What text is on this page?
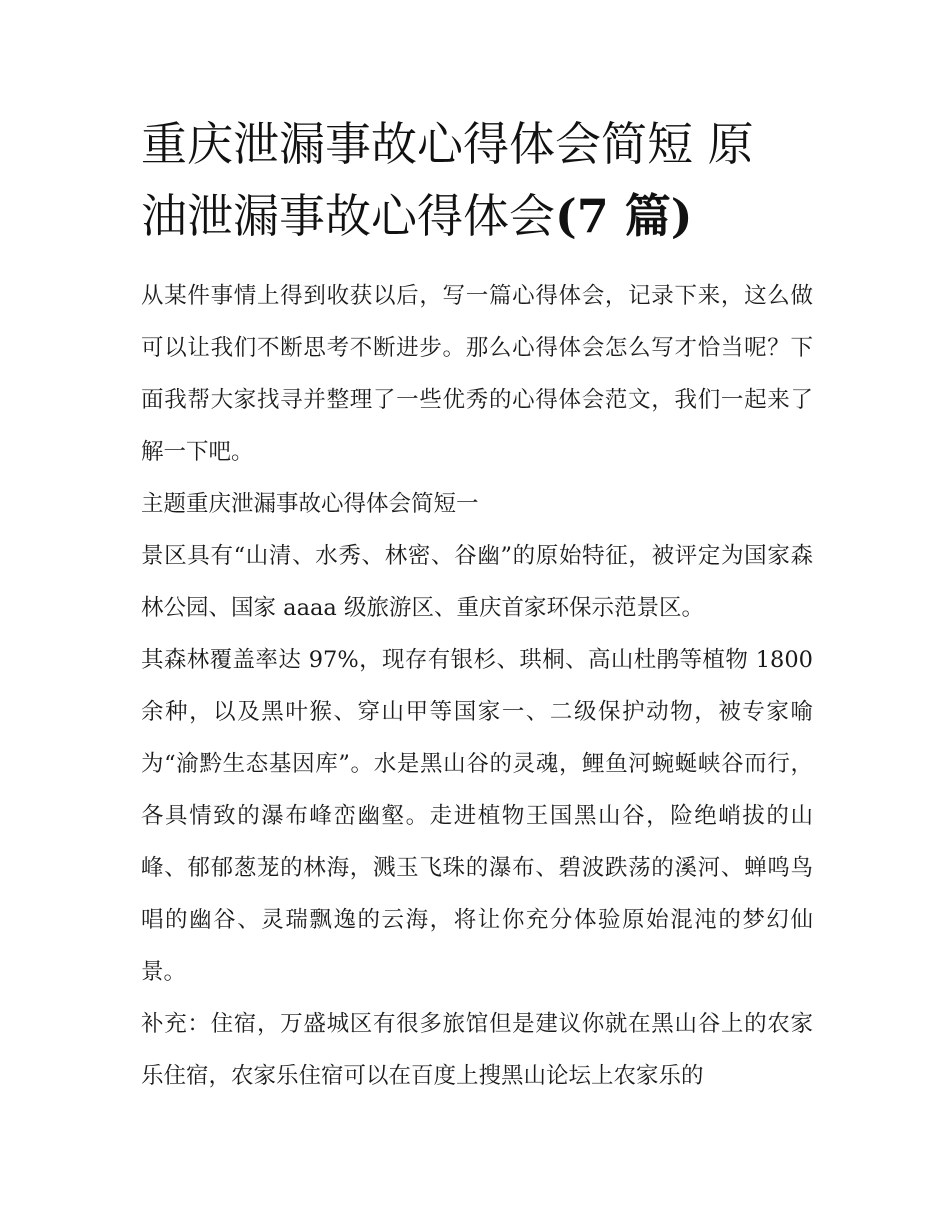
重庆泄漏事故心得体会简短 原
油泄漏事故心得体会(7 篇)

从某件事情上得到收获以后，写一篇心得体会，记录下来，这么做可以让我们不断思考不断进步。那么心得体会怎么写才恰当呢？下面我帮大家找寻并整理了一些优秀的心得体会范文，我们一起来了解一下吧。

主题重庆泄漏事故心得体会简短一

景区具有“山清、水秀、林密、谷幽”的原始特征，被评定为国家森林公园、国家 aaaa 级旅游区、重庆首家环保示范景区。

其森林覆盖率达 97%，现存有银杉、珙桐、高山杜鹃等植物 1800 余种，以及黑叶猴、穿山甲等国家一、二级保护动物，被专家喻为“渝黔生态基因库”。水是黑山谷的灵魂，鲤鱼河蜿蜒峡谷而行，各具情致的瀑布峰峦幽壑。走进植物王国黑山谷，险绝峭拔的山峰、郁郁葱茏的林海，溅玉飞珠的瀑布、碧波跌荡的溪河、蝉鸣鸟唱的幽谷、灵瑞飘逸的云海，将让你充分体验原始混沌的梦幻仙景。

补充：住宿，万盛城区有很多旅馆但是建议你就在黑山谷上的农家乐住宿，农家乐住宿可以在百度上搜黑山论坛上农家乐的
